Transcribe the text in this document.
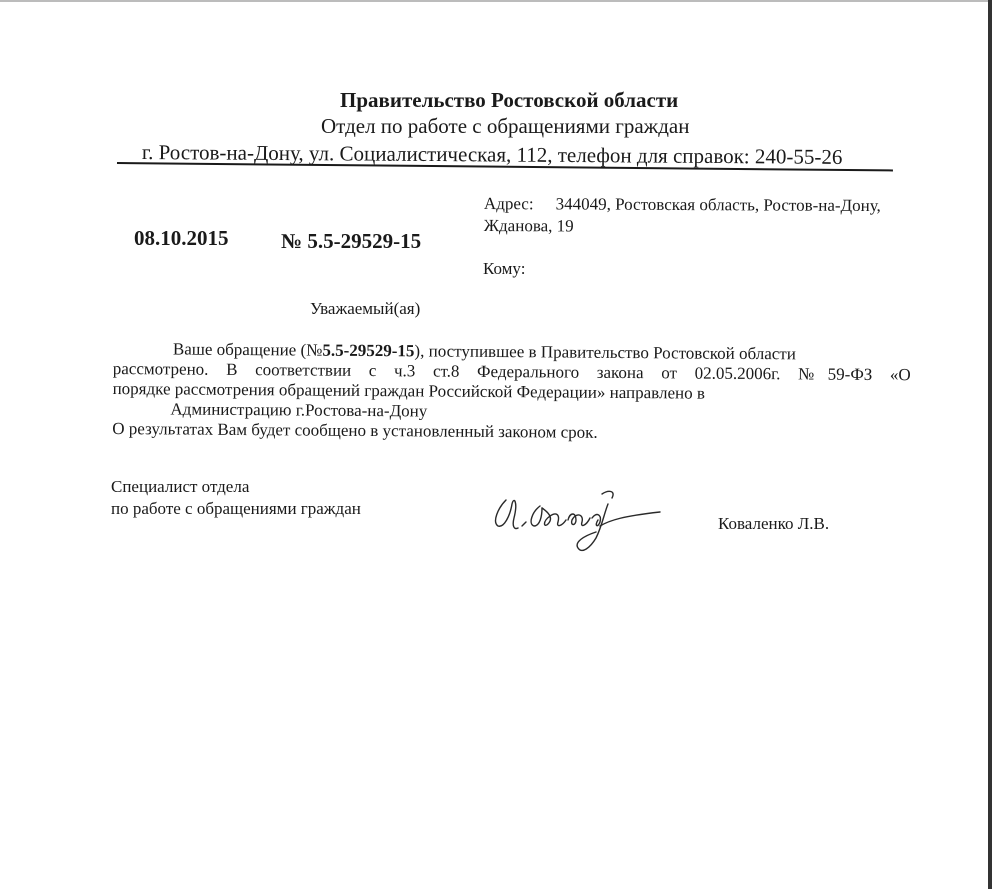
Правительство Ростовской области
Отдел по работе с обращениями граждан
г. Ростов-на-Дону, ул. Социалистическая, 112, телефон для справок: 240-55-26
Адрес: 344049, Ростовская область, Ростов-на-Дону, Жданова, 19
08.10.2015	№ 5.5-29529-15
Кому:
Уважаемый(ая)
Ваше обращение (№5.5-29529-15), поступившее в Правительство Ростовской области
рассмотрено. В соответствии с ч.3 ст.8 Федерального закона от 02.05.2006г. №59-ФЗ «О
порядке рассмотрения обращений граждан Российской Федерации» направлено в
Администрацию г.Ростова-на-Дону
О результатах Вам будет сообщено в установленный законом срок.
Специалист отдела
по работе с обращениями граждан
Коваленко Л.В.
